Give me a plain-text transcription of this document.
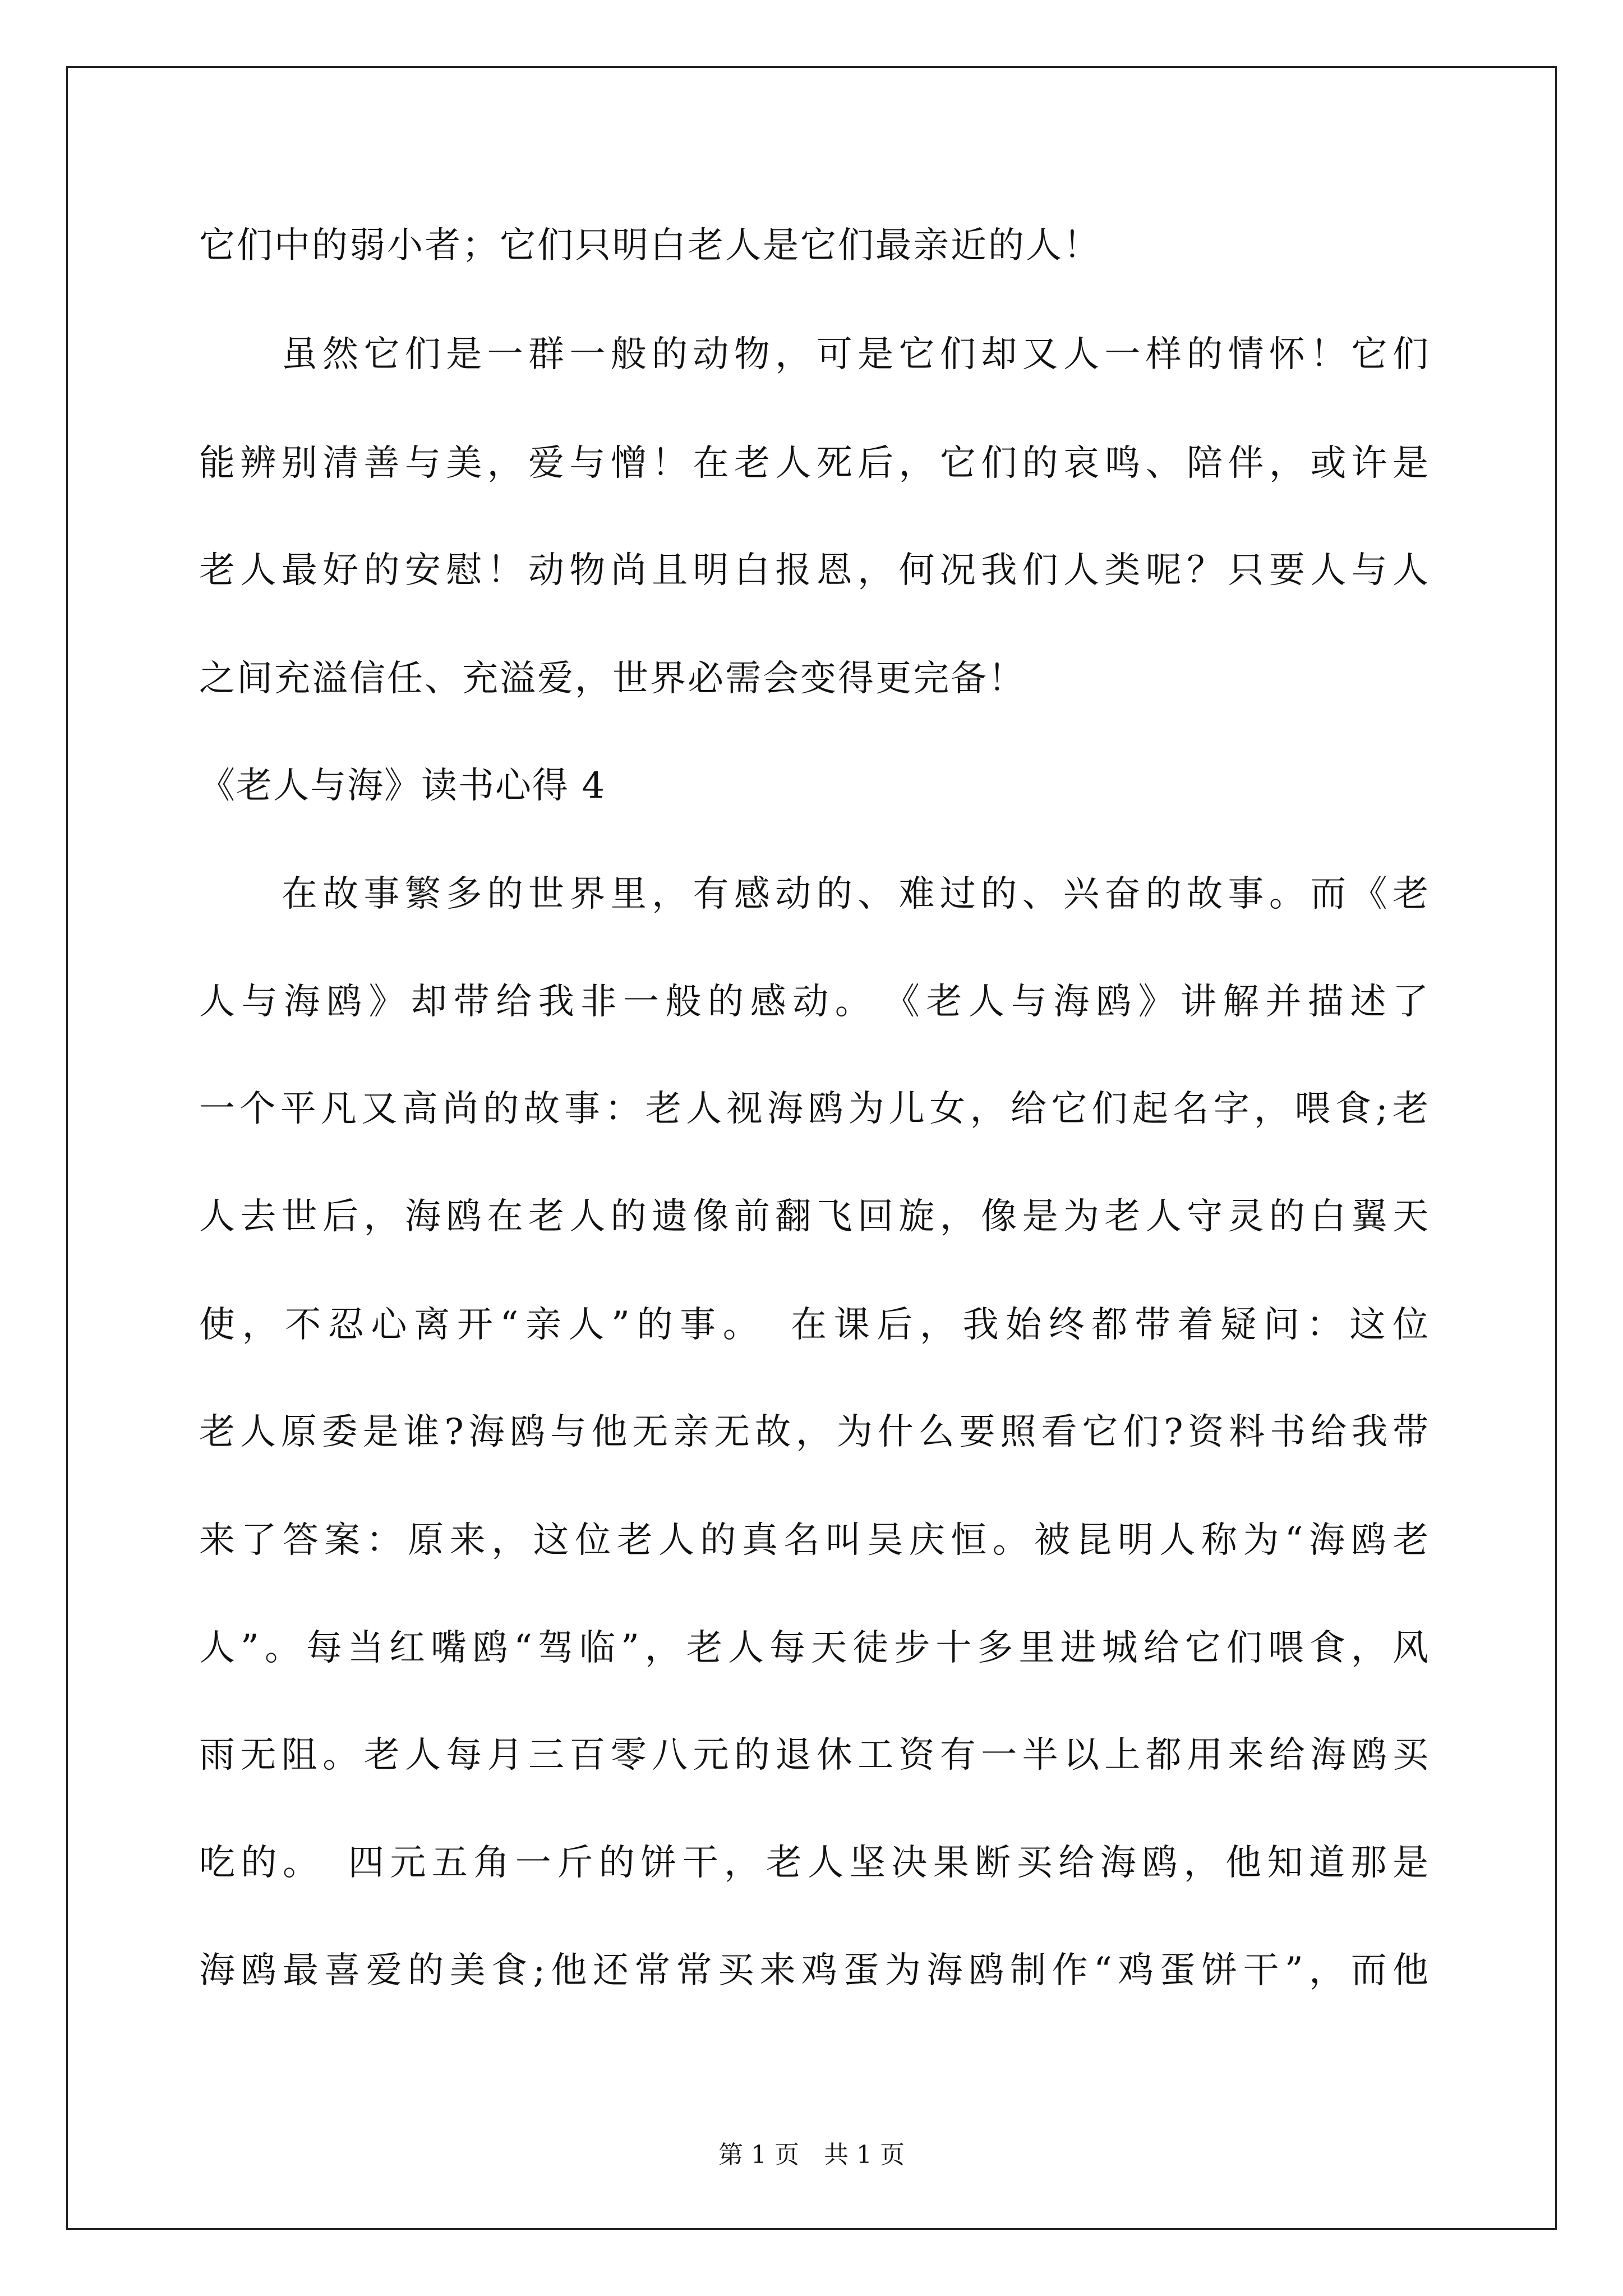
它们中的弱小者；它们只明白老人是它们最亲近的人！

　　虽然它们是一群一般的动物，可是它们却又人一样的情怀！它们

能辨别清善与美，爱与憎！在老人死后，它们的哀鸣、陪伴，或许是

老人最好的安慰！动物尚且明白报恩，何况我们人类呢？只要人与人

之间充溢信任、充溢爱，世界必需会变得更完备！

《老人与海》读书心得 4

　　在故事繁多的世界里，有感动的、难过的、兴奋的故事。而《老

人与海鸥》却带给我非一般的感动。　《老人与海鸥》讲解并描述了

一个平凡又高尚的故事：老人视海鸥为儿女，给它们起名字，喂食;老

人去世后，海鸥在老人的遗像前翻飞回旋，像是为老人守灵的白翼天

使，不忍心离开“亲人”的事。　在课后，我始终都带着疑问：这位

老人原委是谁?海鸥与他无亲无故，为什么要照看它们?资料书给我带

来了答案：原来，这位老人的真名叫吴庆恒。被昆明人称为“海鸥老

人”。每当红嘴鸥“驾临”，老人每天徒步十多里进城给它们喂食，风

雨无阻。老人每月三百零八元的退休工资有一半以上都用来给海鸥买

吃的。　四元五角一斤的饼干，老人坚决果断买给海鸥，他知道那是

海鸥最喜爱的美食;他还常常买来鸡蛋为海鸥制作“鸡蛋饼干”，而他

第 1 页　共 1 页
